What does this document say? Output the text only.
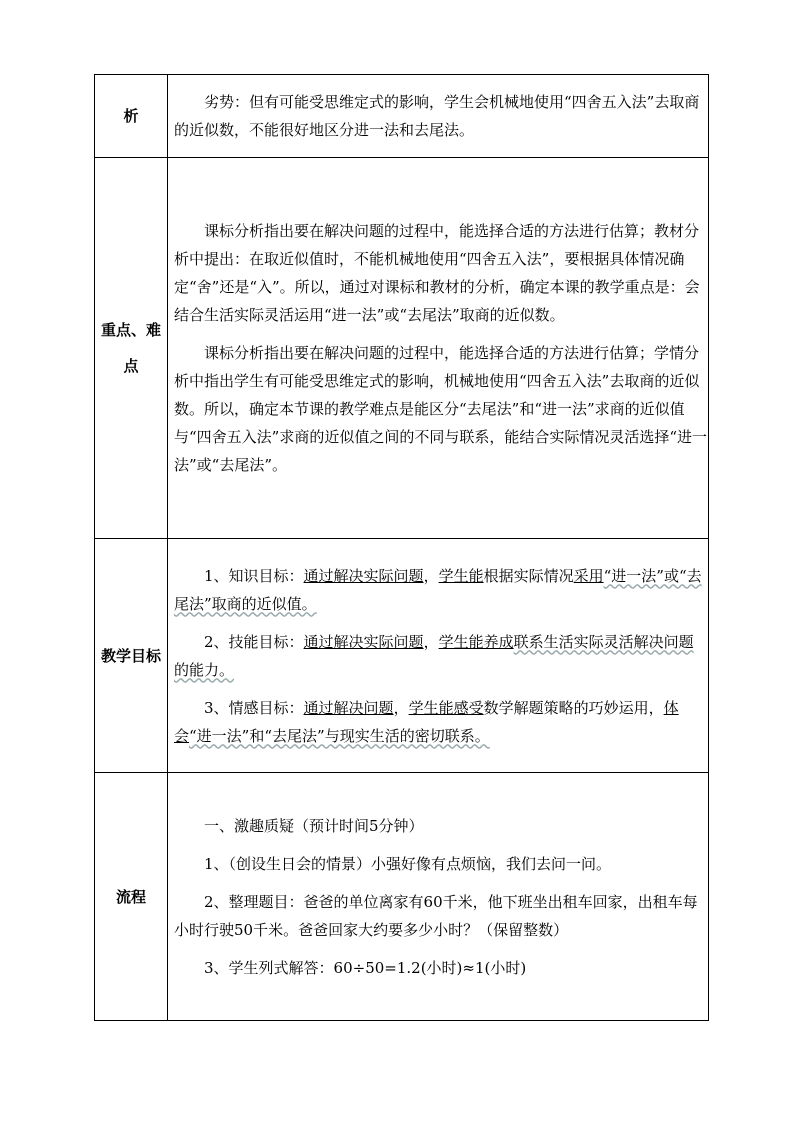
析	劣势：但有可能受思维定式的影响，学生会机械地使用“四舍五入法”去取商的近似数，不能很好地区分进一法和去尾法。

重点、难点	课标分析指出要在解决问题的过程中，能选择合适的方法进行估算；教材分析中提出：在取近似值时，不能机械地使用“四舍五入法”，要根据具体情况确定“舍”还是“入”。所以，通过对课标和教材的分析，确定本课的教学重点是：会结合生活实际灵活运用“进一法”或“去尾法”取商的近似数。

课标分析指出要在解决问题的过程中，能选择合适的方法进行估算；学情分析中指出学生有可能受思维定式的影响，机械地使用“四舍五入法”去取商的近似数。所以，确定本节课的教学难点是能区分“去尾法”和“进一法”求商的近似值与“四舍五入法”求商的近似值之间的不同与联系，能结合实际情况灵活选择“进一法”或“去尾法”。

教学目标	1、知识目标：通过解决实际问题，学生能根据实际情况采用“进一法”或“去尾法”取商的近似值。

2、技能目标：通过解决实际问题，学生能养成联系生活实际灵活解决问题的能力。

3、情感目标：通过解决问题，学生能感受数学解题策略的巧妙运用，体会“进一法”和“去尾法”与现实生活的密切联系。

流程	一、激趣质疑（预计时间5分钟）

1、（创设生日会的情景）小强好像有点烦恼，我们去问一问。

2、整理题目：爸爸的单位离家有60千米，他下班坐出租车回家，出租车每小时行驶50千米。爸爸回家大约要多少小时？（保留整数）

3、学生列式解答：60÷50=1.2(小时)≈1(小时)
